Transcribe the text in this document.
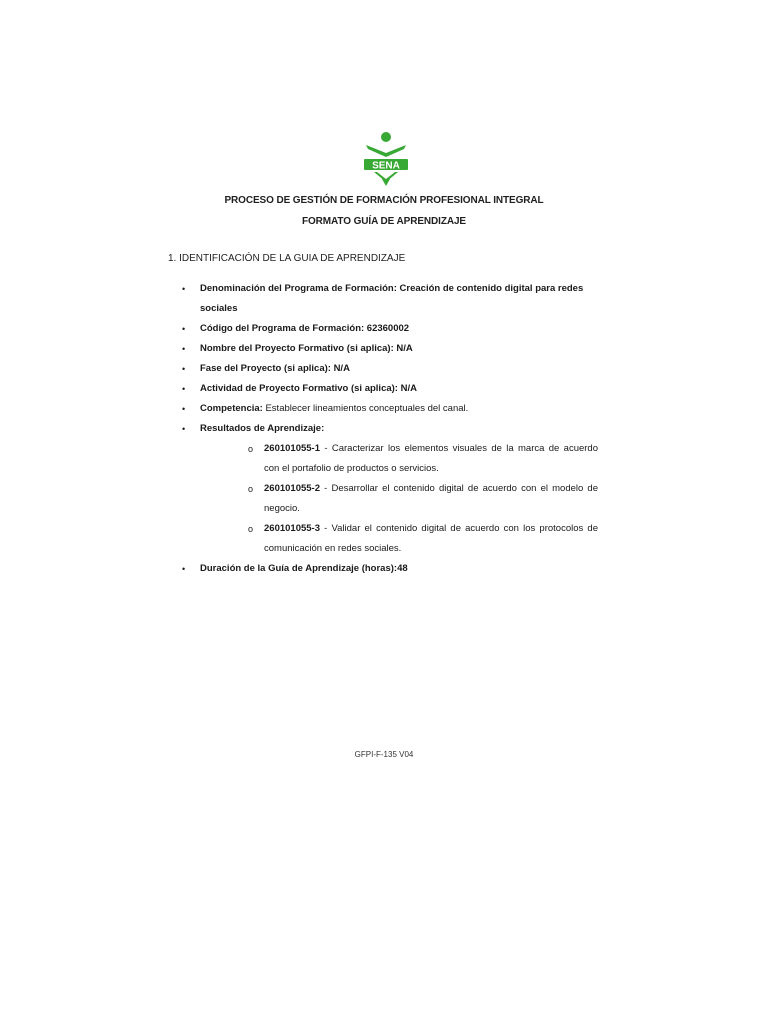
SENA
PROCESO DE GESTIÓN DE FORMACIÓN PROFESIONAL INTEGRAL
FORMATO GUÍA DE APRENDIZAJE
1. IDENTIFICACIÓN DE LA GUIA DE APRENDIZAJE
• Denominación del Programa de Formación: Creación de contenido digital para redes sociales
• Código del Programa de Formación: 62360002
• Nombre del Proyecto Formativo (si aplica): N/A
• Fase del Proyecto (si aplica): N/A
• Actividad de Proyecto Formativo (si aplica): N/A
• Competencia: Establecer lineamientos conceptuales del canal.
• Resultados de Aprendizaje:
o 260101055-1 - Caracterizar los elementos visuales de la marca de acuerdo con el portafolio de productos o servicios.
o 260101055-2 - Desarrollar el contenido digital de acuerdo con el modelo de negocio.
o 260101055-3 - Validar el contenido digital de acuerdo con los protocolos de comunicación en redes sociales.
• Duración de la Guía de Aprendizaje (horas):48
GFPI-F-135 V04
